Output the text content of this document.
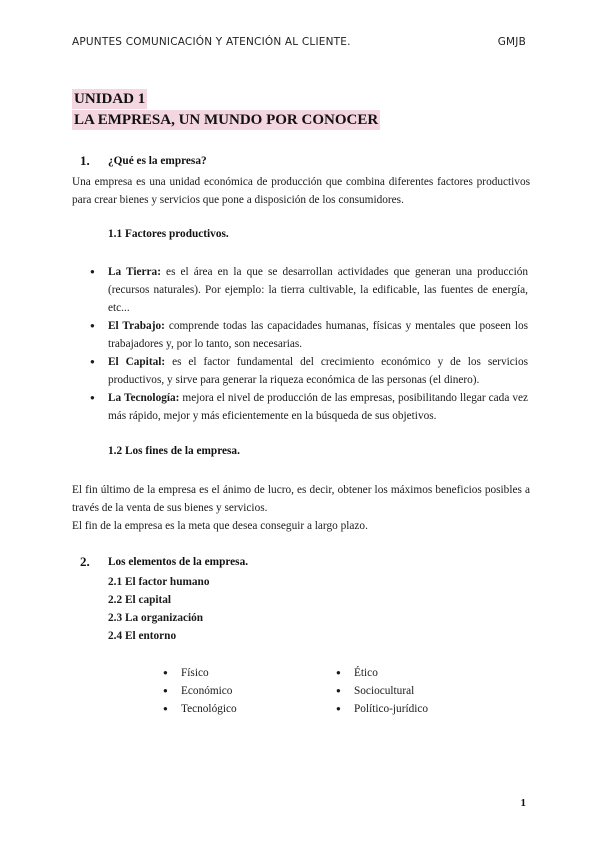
APUNTES COMUNICACIÓN Y ATENCIÓN AL CLIENTE.	GMJB
UNIDAD 1
LA EMPRESA, UN MUNDO POR CONOCER
1. ¿Qué es la empresa?
Una empresa es una unidad económica de producción que combina diferentes factores productivos para crear bienes y servicios que pone a disposición de los consumidores.
1.1 Factores productivos.
● La Tierra: es el área en la que se desarrollan actividades que generan una producción (recursos naturales). Por ejemplo: la tierra cultivable, la edificable, las fuentes de energía, etc...
● El Trabajo: comprende todas las capacidades humanas, físicas y mentales que poseen los trabajadores y, por lo tanto, son necesarias.
● El Capital: es el factor fundamental del crecimiento económico y de los servicios productivos, y sirve para generar la riqueza económica de las personas (el dinero).
● La Tecnología: mejora el nivel de producción de las empresas, posibilitando llegar cada vez más rápido, mejor y más eficientemente en la búsqueda de sus objetivos.
1.2 Los fines de la empresa.
El fin último de la empresa es el ánimo de lucro, es decir, obtener los máximos beneficios posibles a través de la venta de sus bienes y servicios.
El fin de la empresa es la meta que desea conseguir a largo plazo.
2. Los elementos de la empresa.
2.1 El factor humano
2.2 El capital
2.3 La organización
2.4 El entorno
● Físico
● Económico
● Tecnológico
● Ético
● Sociocultural
● Político-jurídico
1
